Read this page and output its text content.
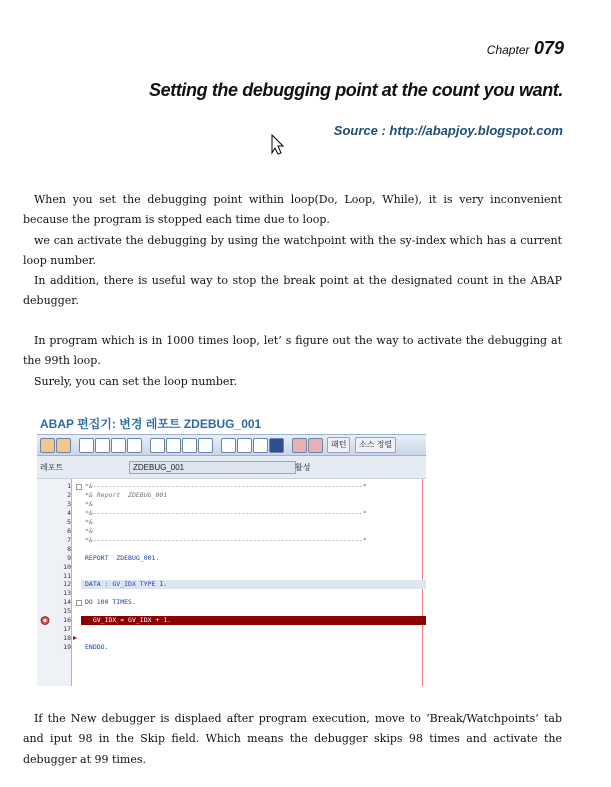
Chapter 079
Setting the debugging point at the count you want.
Source : http://abapjoy.blogspot.com

When you set the debugging point within loop(Do, Loop, While), it is very inconvenient because the program is stopped each time due to loop.

we can activate the debugging by using the watchpoint with the sy-index which has a current loop number.

In addition, there is useful way to stop the break point at the designated count in the ABAP debugger.

In program which is in 1000 times loop, let’ s figure out the way to activate the debugging at the 99th loop.

Surely, you can set the loop number.

ABAP 편집기: 변경 레포트 ZDEBUG_001
패턴	소스 정렬
레포트	ZDEBUG_001	활성
1 *&---------------------------------------------------------------------*
2 *& Report  ZDEBUG_001
3 *&
4 *&---------------------------------------------------------------------*
5 *&
6 *&
7 *&---------------------------------------------------------------------*
8
9 REPORT  ZDEBUG_001.
10
11
12 DATA : GV_IDX TYPE I.
13
14 DO 100 TIMES.
15
16 GV_IDX = GV_IDX + 1.
17
18
19 ENDDO.

If the New debugger is displaed after program execution, move to ‘Break/Watchpoints’ tab and iput 98 in the Skip field. Which means the debugger skips 98 times and activate the debugger at 99 times.
